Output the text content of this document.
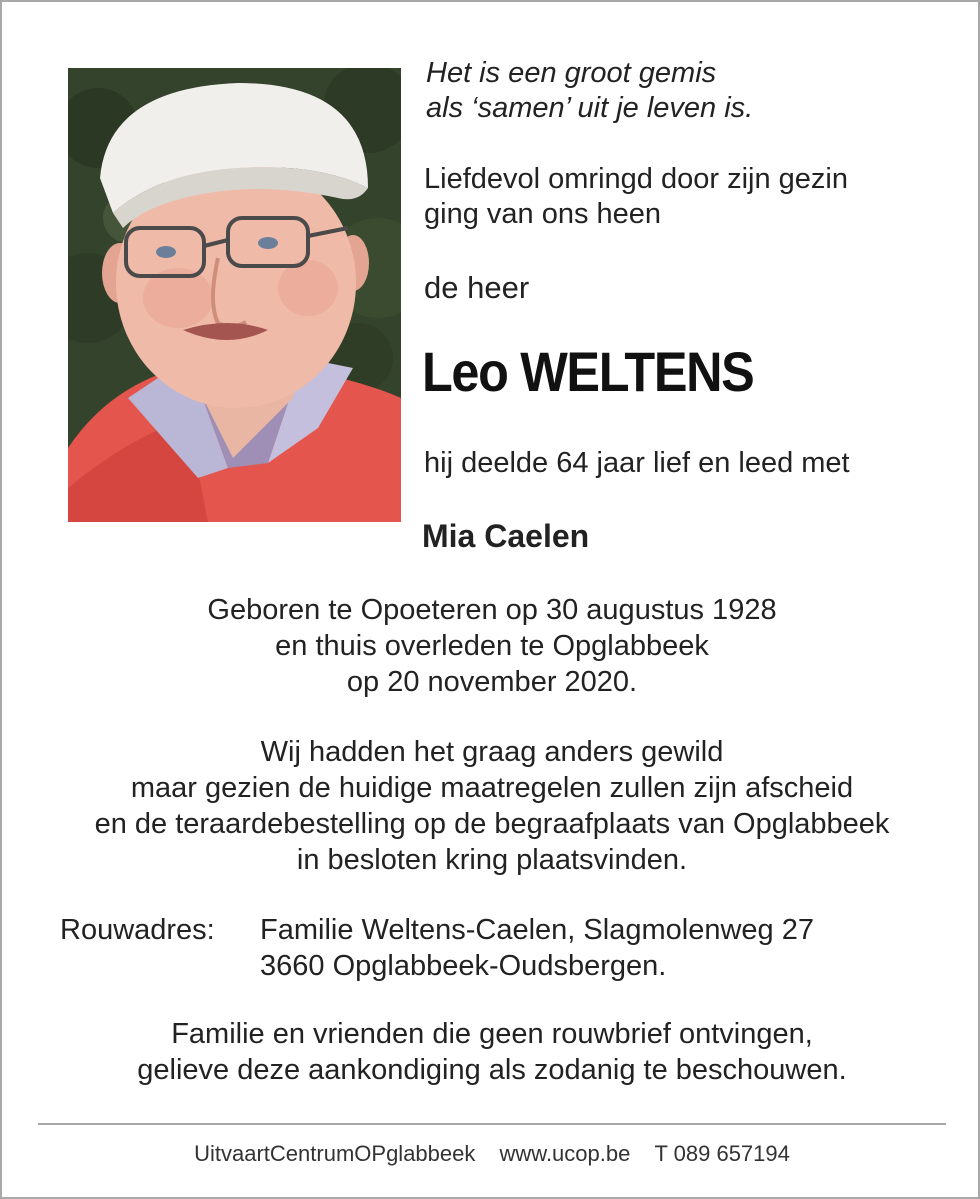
Het is een groot gemis
als ‘samen’ uit je leven is.
Liefdevol omringd door zijn gezin
ging van ons heen
de heer
Leo WELTENS
hij deelde 64 jaar lief en leed met
Mia Caelen
Geboren te Opoeteren op 30 augustus 1928
en thuis overleden te Opglabbeek
op 20 november 2020.
Wij hadden het graag anders gewild
maar gezien de huidige maatregelen zullen zijn afscheid
en de teraardebestelling op de begraafplaats van Opglabbeek
in besloten kring plaatsvinden.
Rouwadres: Familie Weltens-Caelen, Slagmolenweg 27
3660 Opglabbeek-Oudsbergen.
Familie en vrienden die geen rouwbrief ontvingen,
gelieve deze aankondiging als zodanig te beschouwen.
UitvaartCentrumOPglabbeek www.ucop.be T 089 657194
